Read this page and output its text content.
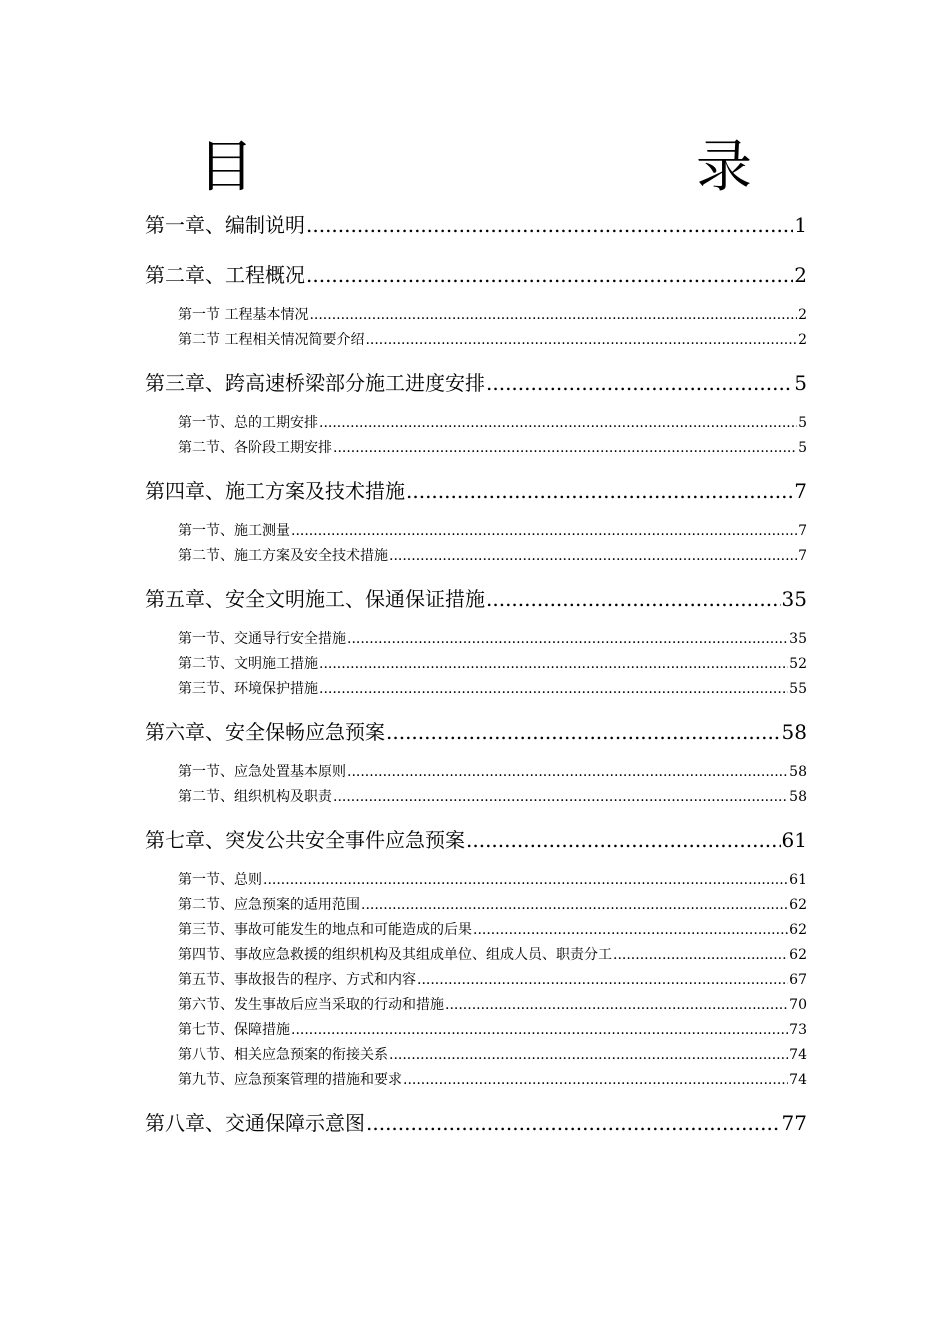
目　　录
第一章、编制说明 .....	1
第二章、工程概况 .....	2
第一节 工程基本情况 .....	2
第二节 工程相关情况简要介绍 .....	2
第三章、跨高速桥梁部分施工进度安排 .....	5
第一节、总的工期安排 .....	5
第二节、各阶段工期安排 .....	5
第四章、施工方案及技术措施 .....	7
第一节、施工测量 .....	7
第二节、施工方案及安全技术措施 .....	7
第五章、安全文明施工、保通保证措施 .....	35
第一节、交通导行安全措施 .....	35
第二节、文明施工措施 .....	52
第三节、环境保护措施 .....	55
第六章、安全保畅应急预案 .....	58
第一节、应急处置基本原则 .....	58
第二节、组织机构及职责 .....	58
第七章、突发公共安全事件应急预案 .....	61
第一节、总则 .....	61
第二节、应急预案的适用范围 .....	62
第三节、事故可能发生的地点和可能造成的后果 .....	62
第四节、事故应急救援的组织机构及其组成单位、组成人员、职责分工 .....	62
第五节、事故报告的程序、方式和内容 .....	67
第六节、发生事故后应当采取的行动和措施 .....	70
第七节、保障措施 .....	73
第八节、相关应急预案的衔接关系 .....	74
第九节、应急预案管理的措施和要求 .....	74
第八章、交通保障示意图 .....	77
